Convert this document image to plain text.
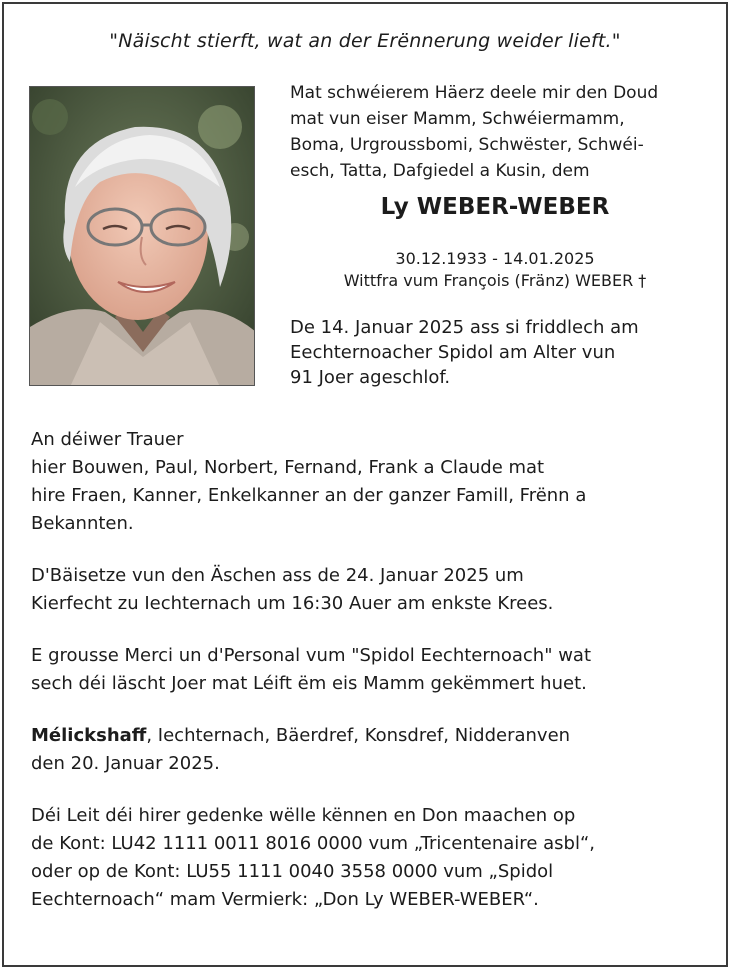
"Näischt stierft, wat an der Erënnerung weider lieft."
Mat schwéierem Häerz deele mir den Doud
mat vun eiser Mamm, Schwéiermamm,
Boma, Urgroussbomi, Schwëster, Schwéi-
esch, Tatta, Dafgiedel a Kusin, dem
Ly WEBER-WEBER
30.12.1933 - 14.01.2025
Wittfra vum François (Fränz) WEBER †
De 14. Januar 2025 ass si friddlech am
Eechternoacher Spidol am Alter vun
91 Joer ageschlof.

An déiwer Trauer
hier Bouwen, Paul, Norbert, Fernand, Frank a Claude mat
hire Fraen, Kanner, Enkelkanner an der ganzer Famill, Frënn a
Bekannten.

D'Bäisetze vun den Äschen ass de 24. Januar 2025 um
Kierfecht zu Iechternach um 16:30 Auer am enkste Krees.

E grousse Merci un d'Personal vum "Spidol Eechternoach" wat
sech déi läscht Joer mat Léift ëm eis Mamm gekëmmert huet.

Mélickshaff, Iechternach, Bäerdref, Konsdref, Nidderanven
den 20. Januar 2025.

Déi Leit déi hirer gedenke wëlle kënnen en Don maachen op
de Kont: LU42 1111 0011 8016 0000 vum „Tricentenaire asbl“,
oder op de Kont: LU55 1111 0040 3558 0000 vum „Spidol
Eechternoach“ mam Vermierk: „Don Ly WEBER-WEBER“.
